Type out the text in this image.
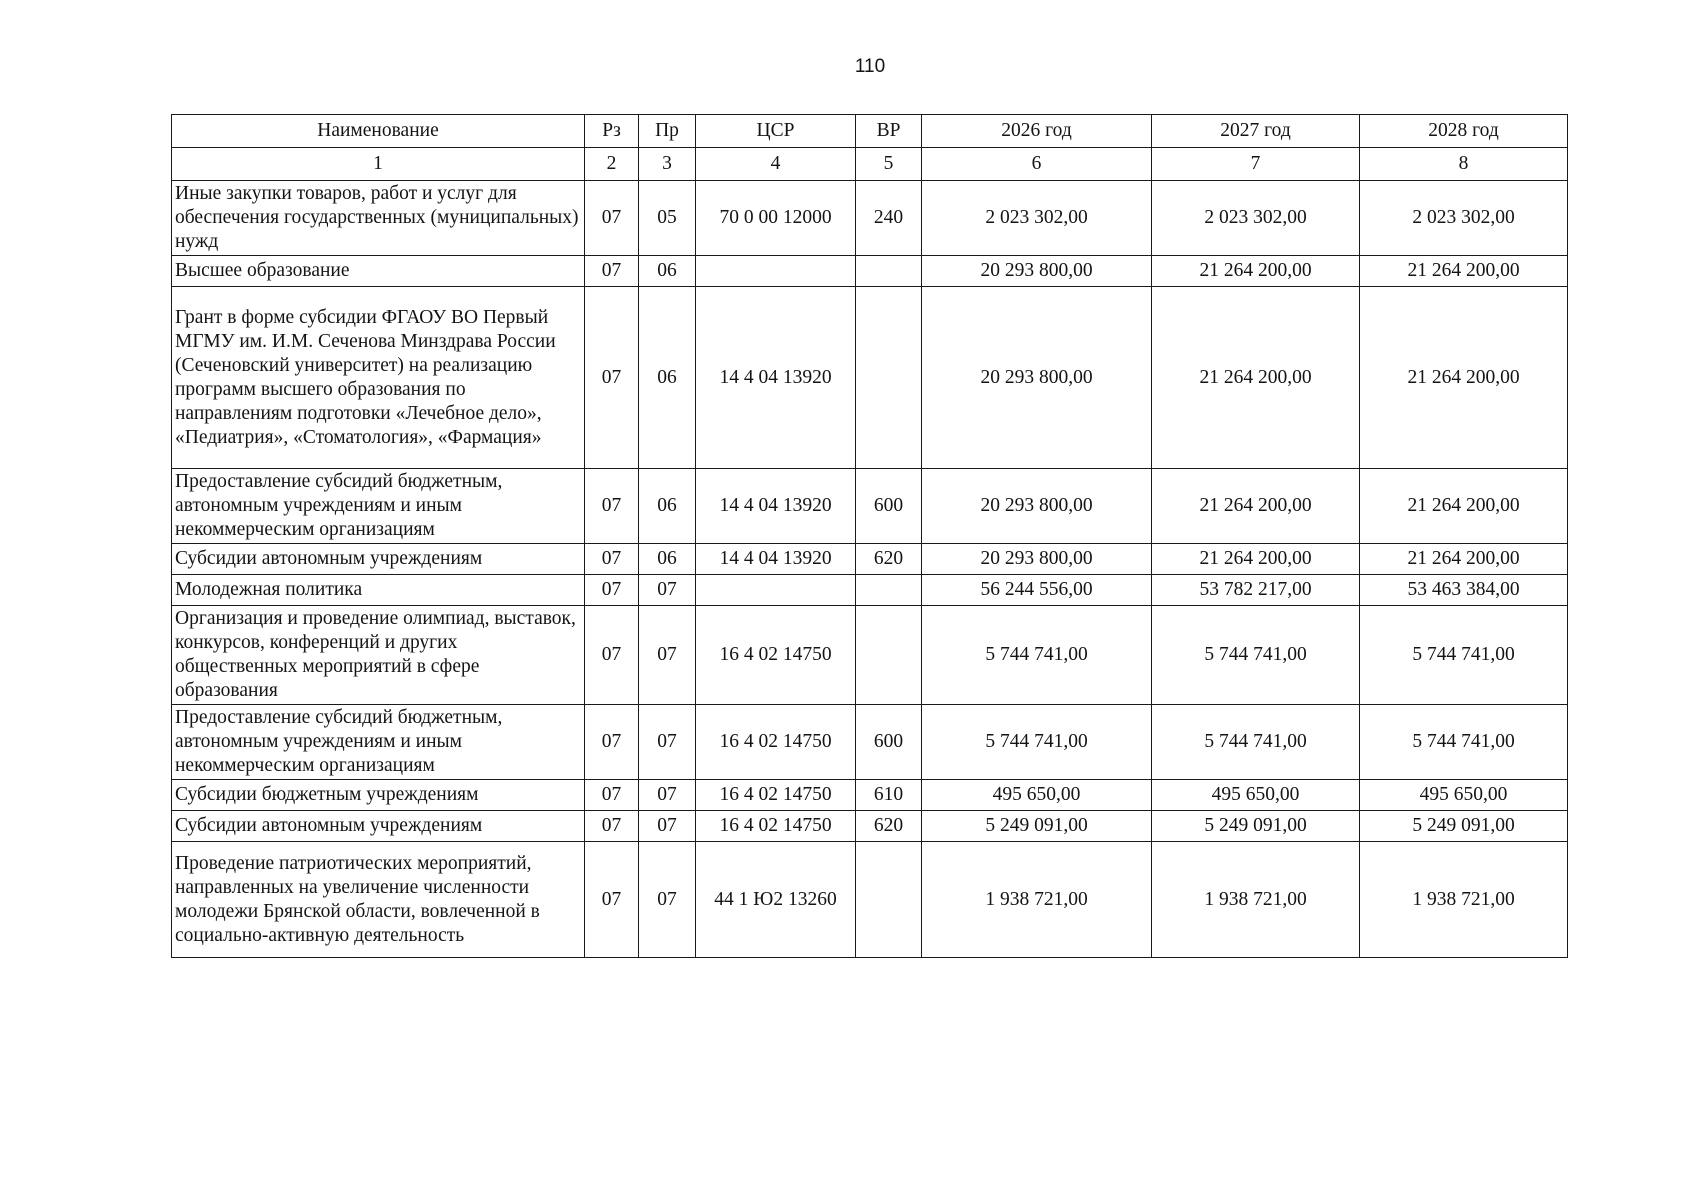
110
Наименование	Рз	Пр	ЦСР	ВР	2026 год	2027 год	2028 год
1	2	3	4	5	6	7	8
Иные закупки товаров, работ и услуг для обеспечения государственных (муниципальных) нужд	07	05	70 0 00 12000	240	2 023 302,00	2 023 302,00	2 023 302,00
Высшее образование	07	06			20 293 800,00	21 264 200,00	21 264 200,00
Грант в форме субсидии ФГАОУ ВО Первый МГМУ им. И.М. Сеченова Минздрава России (Сеченовский университет) на реализацию программ высшего образования по направлениям подготовки «Лечебное дело», «Педиатрия», «Стоматология», «Фармация»	07	06	14 4 04 13920		20 293 800,00	21 264 200,00	21 264 200,00
Предоставление субсидий бюджетным, автономным учреждениям и иным некоммерческим организациям	07	06	14 4 04 13920	600	20 293 800,00	21 264 200,00	21 264 200,00
Субсидии автономным учреждениям	07	06	14 4 04 13920	620	20 293 800,00	21 264 200,00	21 264 200,00
Молодежная политика	07	07			56 244 556,00	53 782 217,00	53 463 384,00
Организация и проведение олимпиад, выставок, конкурсов, конференций и других общественных мероприятий в сфере образования	07	07	16 4 02 14750		5 744 741,00	5 744 741,00	5 744 741,00
Предоставление субсидий бюджетным, автономным учреждениям и иным некоммерческим организациям	07	07	16 4 02 14750	600	5 744 741,00	5 744 741,00	5 744 741,00
Субсидии бюджетным учреждениям	07	07	16 4 02 14750	610	495 650,00	495 650,00	495 650,00
Субсидии автономным учреждениям	07	07	16 4 02 14750	620	5 249 091,00	5 249 091,00	5 249 091,00
Проведение патриотических мероприятий, направленных на увеличение численности молодежи Брянской области, вовлеченной в социально-активную деятельность	07	07	44 1 Ю2 13260		1 938 721,00	1 938 721,00	1 938 721,00
